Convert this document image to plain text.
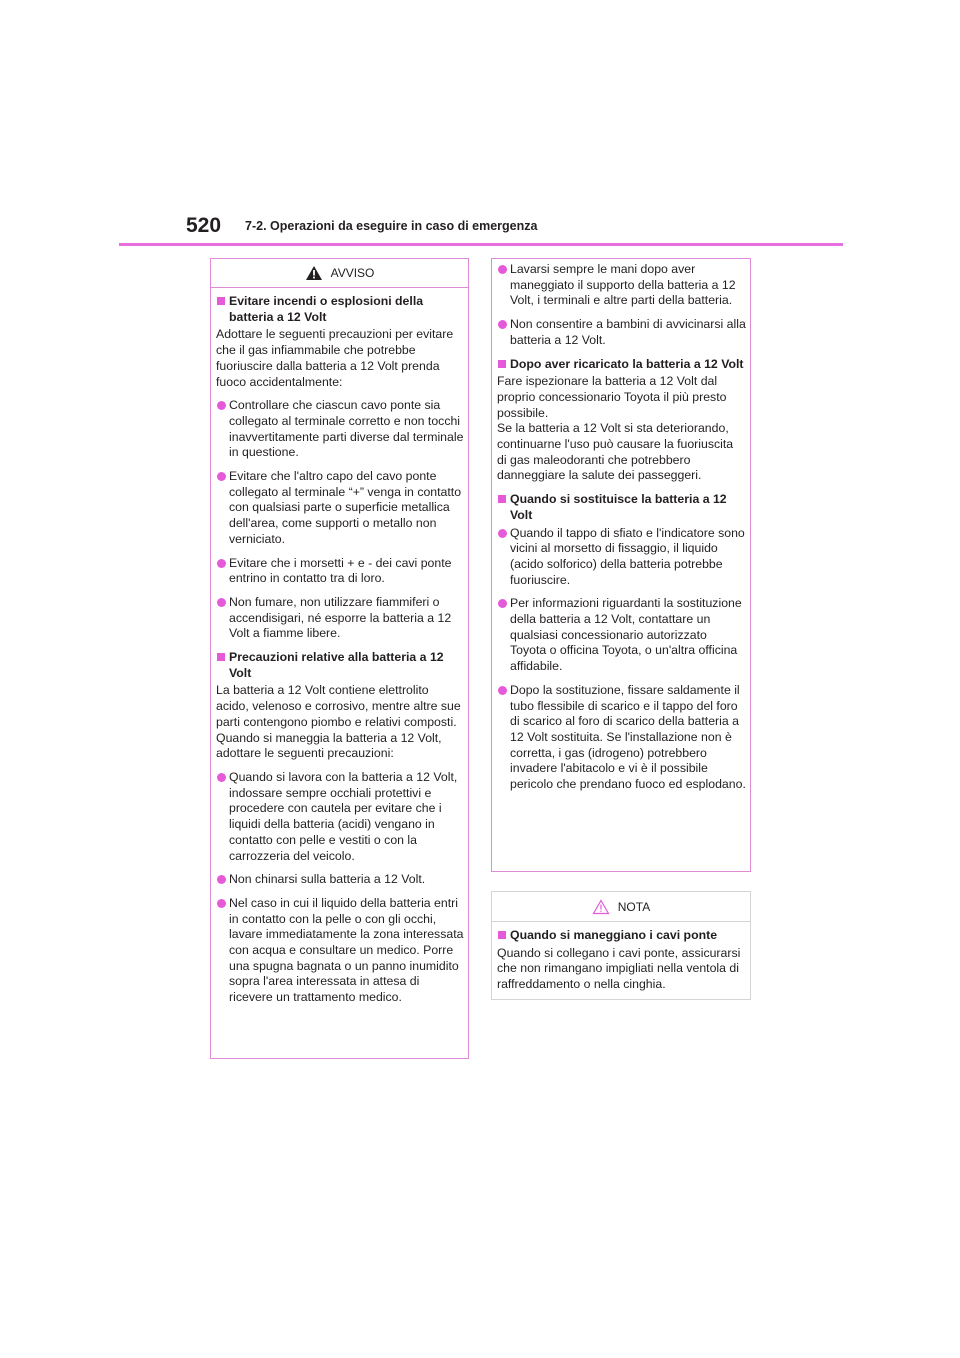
520 7-2. Operazioni da eseguire in caso di emergenza
AVVISO
Evitare incendi o esplosioni della batteria a 12 Volt
Adottare le seguenti precauzioni per evitare che il gas infiammabile che potrebbe fuoriuscire dalla batteria a 12 Volt prenda fuoco accidentalmente:
Controllare che ciascun cavo ponte sia collegato al terminale corretto e non tocchi inavvertitamente parti diverse dal terminale in questione.
Evitare che l'altro capo del cavo ponte collegato al terminale “+” venga in contatto con qualsiasi parte o superficie metallica dell'area, come supporti o metallo non verniciato.
Evitare che i morsetti + e - dei cavi ponte entrino in contatto tra di loro.
Non fumare, non utilizzare fiammiferi o accendisigari, né esporre la batteria a 12 Volt a fiamme libere.
Precauzioni relative alla batteria a 12 Volt
La batteria a 12 Volt contiene elettrolito acido, velenoso e corrosivo, mentre altre sue parti contengono piombo e relativi composti. Quando si maneggia la batteria a 12 Volt, adottare le seguenti precauzioni:
Quando si lavora con la batteria a 12 Volt, indossare sempre occhiali protettivi e procedere con cautela per evitare che i liquidi della batteria (acidi) vengano in contatto con pelle e vestiti o con la carrozzeria del veicolo.
Non chinarsi sulla batteria a 12 Volt.
Nel caso in cui il liquido della batteria entri in contatto con la pelle o con gli occhi, lavare immediatamente la zona interessata con acqua e consultare un medico. Porre una spugna bagnata o un panno inumidito sopra l'area interessata in attesa di ricevere un trattamento medico.
Lavarsi sempre le mani dopo aver maneggiato il supporto della batteria a 12 Volt, i terminali e altre parti della batteria.
Non consentire a bambini di avvicinarsi alla batteria a 12 Volt.
Dopo aver ricaricato la batteria a 12 Volt
Fare ispezionare la batteria a 12 Volt dal proprio concessionario Toyota il più presto possibile.
Se la batteria a 12 Volt si sta deteriorando, continuarne l'uso può causare la fuoriuscita di gas maleodoranti che potrebbero danneggiare la salute dei passeggeri.
Quando si sostituisce la batteria a 12 Volt
Quando il tappo di sfiato e l'indicatore sono vicini al morsetto di fissaggio, il liquido (acido solforico) della batteria potrebbe fuoriuscire.
Per informazioni riguardanti la sostituzione della batteria a 12 Volt, contattare un qualsiasi concessionario autorizzato Toyota o officina Toyota, o un'altra officina affidabile.
Dopo la sostituzione, fissare saldamente il tubo flessibile di scarico e il tappo del foro di scarico al foro di scarico della batteria a 12 Volt sostituita. Se l'installazione non è corretta, i gas (idrogeno) potrebbero invadere l'abitacolo e vi è il possibile pericolo che prendano fuoco ed esplodano.
NOTA
Quando si maneggiano i cavi ponte
Quando si collegano i cavi ponte, assicurarsi che non rimangano impigliati nella ventola di raffreddamento o nella cinghia.
